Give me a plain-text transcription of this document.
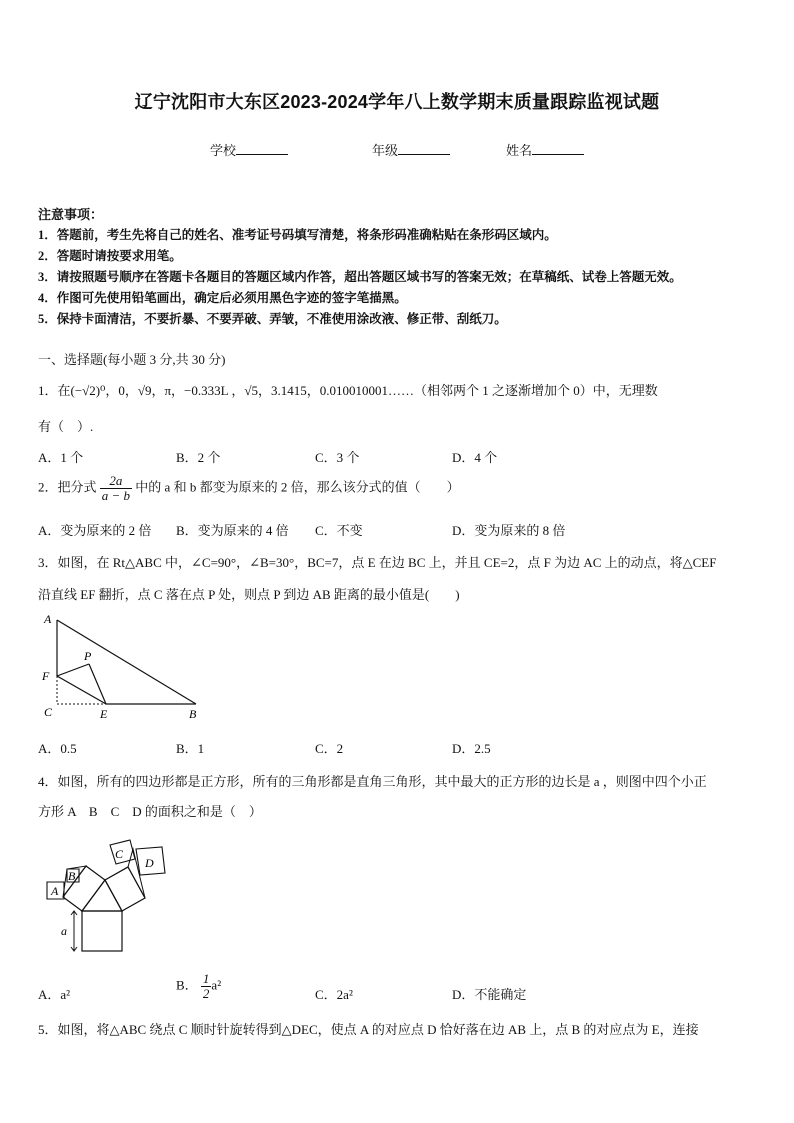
辽宁沈阳市大东区2023-2024学年八上数学期末质量跟踪监视试题
学校	年级	姓名
注意事项：
1．答题前，考生先将自己的姓名、准考证号码填写清楚，将条形码准确粘贴在条形码区域内。
2．答题时请按要求用笔。
3．请按照题号顺序在答题卡各题目的答题区域内作答，超出答题区域书写的答案无效；在草稿纸、试卷上答题无效。
4．作图可先使用铅笔画出，确定后必须用黑色字迹的签字笔描黑。
5．保持卡面清洁，不要折暴、不要弄破、弄皱，不准使用涂改液、修正带、刮纸刀。
一、选择题(每小题 3 分,共 30 分)
1．在(−√2)⁰，0，√9，π，−0.333L ，√5，3.1415，0.010010001……（相邻两个 1 之逐渐增加个 0）中，无理数
有（　）.
A．1 个	B．2 个	C．3 个	D．4 个
2．把分式 $\frac{2a}{a - b}$ 中的 a 和 b 都变为原来的 2 倍，那么该分式的值（　　）
A．变为原来的 2 倍 B．变为原来的 4 倍 C．不变	D．变为原来的 8 倍
3．如图，在 Rt△ABC 中，∠C=90°，∠B=30°，BC=7，点 E 在边 BC 上，并且 CE=2，点 F 为边 AC 上的动点，将△CEF
沿直线 EF 翻折，点 C 落在点 P 处，则点 P 到边 AB 距离的最小值是(　　)
A
F
P
C	E	B
A．0.5	B．1	C．2	D．2.5
4．如图，所有的四边形都是正方形，所有的三角形都是直角三角形，其中最大的正方形的边长是 a ，则图中四个小正
方形 A　B　C　D 的面积之和是（　）
a
A
B
C
D
A．a²
B． $\frac{1}{2} a^2$
C．2a²	D．不能确定
5．如图，将△ABC 绕点 C 顺时针旋转得到△DEC，使点 A 的对应点 D 恰好落在边 AB 上，点 B 的对应点为 E，连接
